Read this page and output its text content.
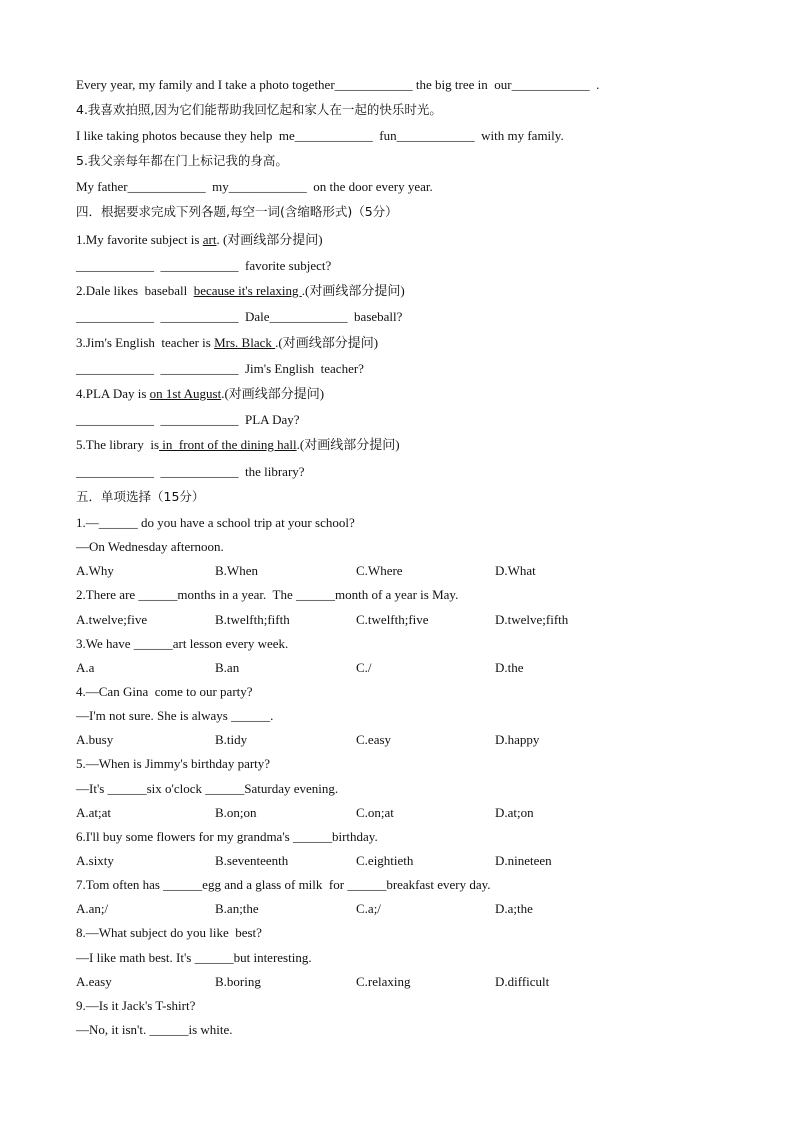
Every year, my family and I take a photo together____________ the big tree in  our____________  .
4.我喜欢拍照,因为它们能帮助我回忆起和家人在一起的快乐时光。
I like taking photos because they help  me____________  fun____________  with my family.
5.我父亲每年都在门上标记我的身高。
My father____________  my____________  on the door every year.
四．根据要求完成下列各题,每空一词(含缩略形式)（5分）
1.My favorite subject is art. (对画线部分提问)
____________ ____________  favorite subject?
2.Dale likes  baseball  because it's relaxing .(对画线部分提问)
____________ ____________  Dale____________  baseball?
3.Jim's English  teacher is Mrs. Black .(对画线部分提问)
____________ ____________  Jim's English  teacher?
4.PLA Day is on 1st August.(对画线部分提问)
____________ ____________  PLA Day?
5.The library  is in  front of the dining hall.(对画线部分提问)
____________ ____________  the library?
五．单项选择（15分）
1.—______ do you have a school trip at your school?
—On Wednesday afternoon.
A.Why	B.When	C.Where	D.What
2.There are ______months in a year.  The ______month of a year is May.
A.twelve;five	B.twelfth;fifth	C.twelfth;five	D.twelve;fifth
3.We have ______art lesson every week.
A.a	B.an	C./	D.the
4.—Can Gina  come to our party?
—I'm not sure. She is always ______.
A.busy	B.tidy	C.easy	D.happy
5.—When is Jimmy's birthday party?
—It's ______six o'clock ______Saturday evening.
A.at;at	B.on;on	C.on;at	D.at;on
6.I'll buy some flowers for my grandma's ______birthday.
A.sixty	B.seventeenth	C.eightieth	D.nineteen
7.Tom often has ______egg and a glass of milk  for ______breakfast every day.
A.an;/	B.an;the	C.a;/	D.a;the
8.—What subject do you like  best?
—I like math best. It's ______but interesting.
A.easy	B.boring	C.relaxing	D.difficult
9.—Is it Jack's T-shirt?
—No, it isn't. ______is white.
